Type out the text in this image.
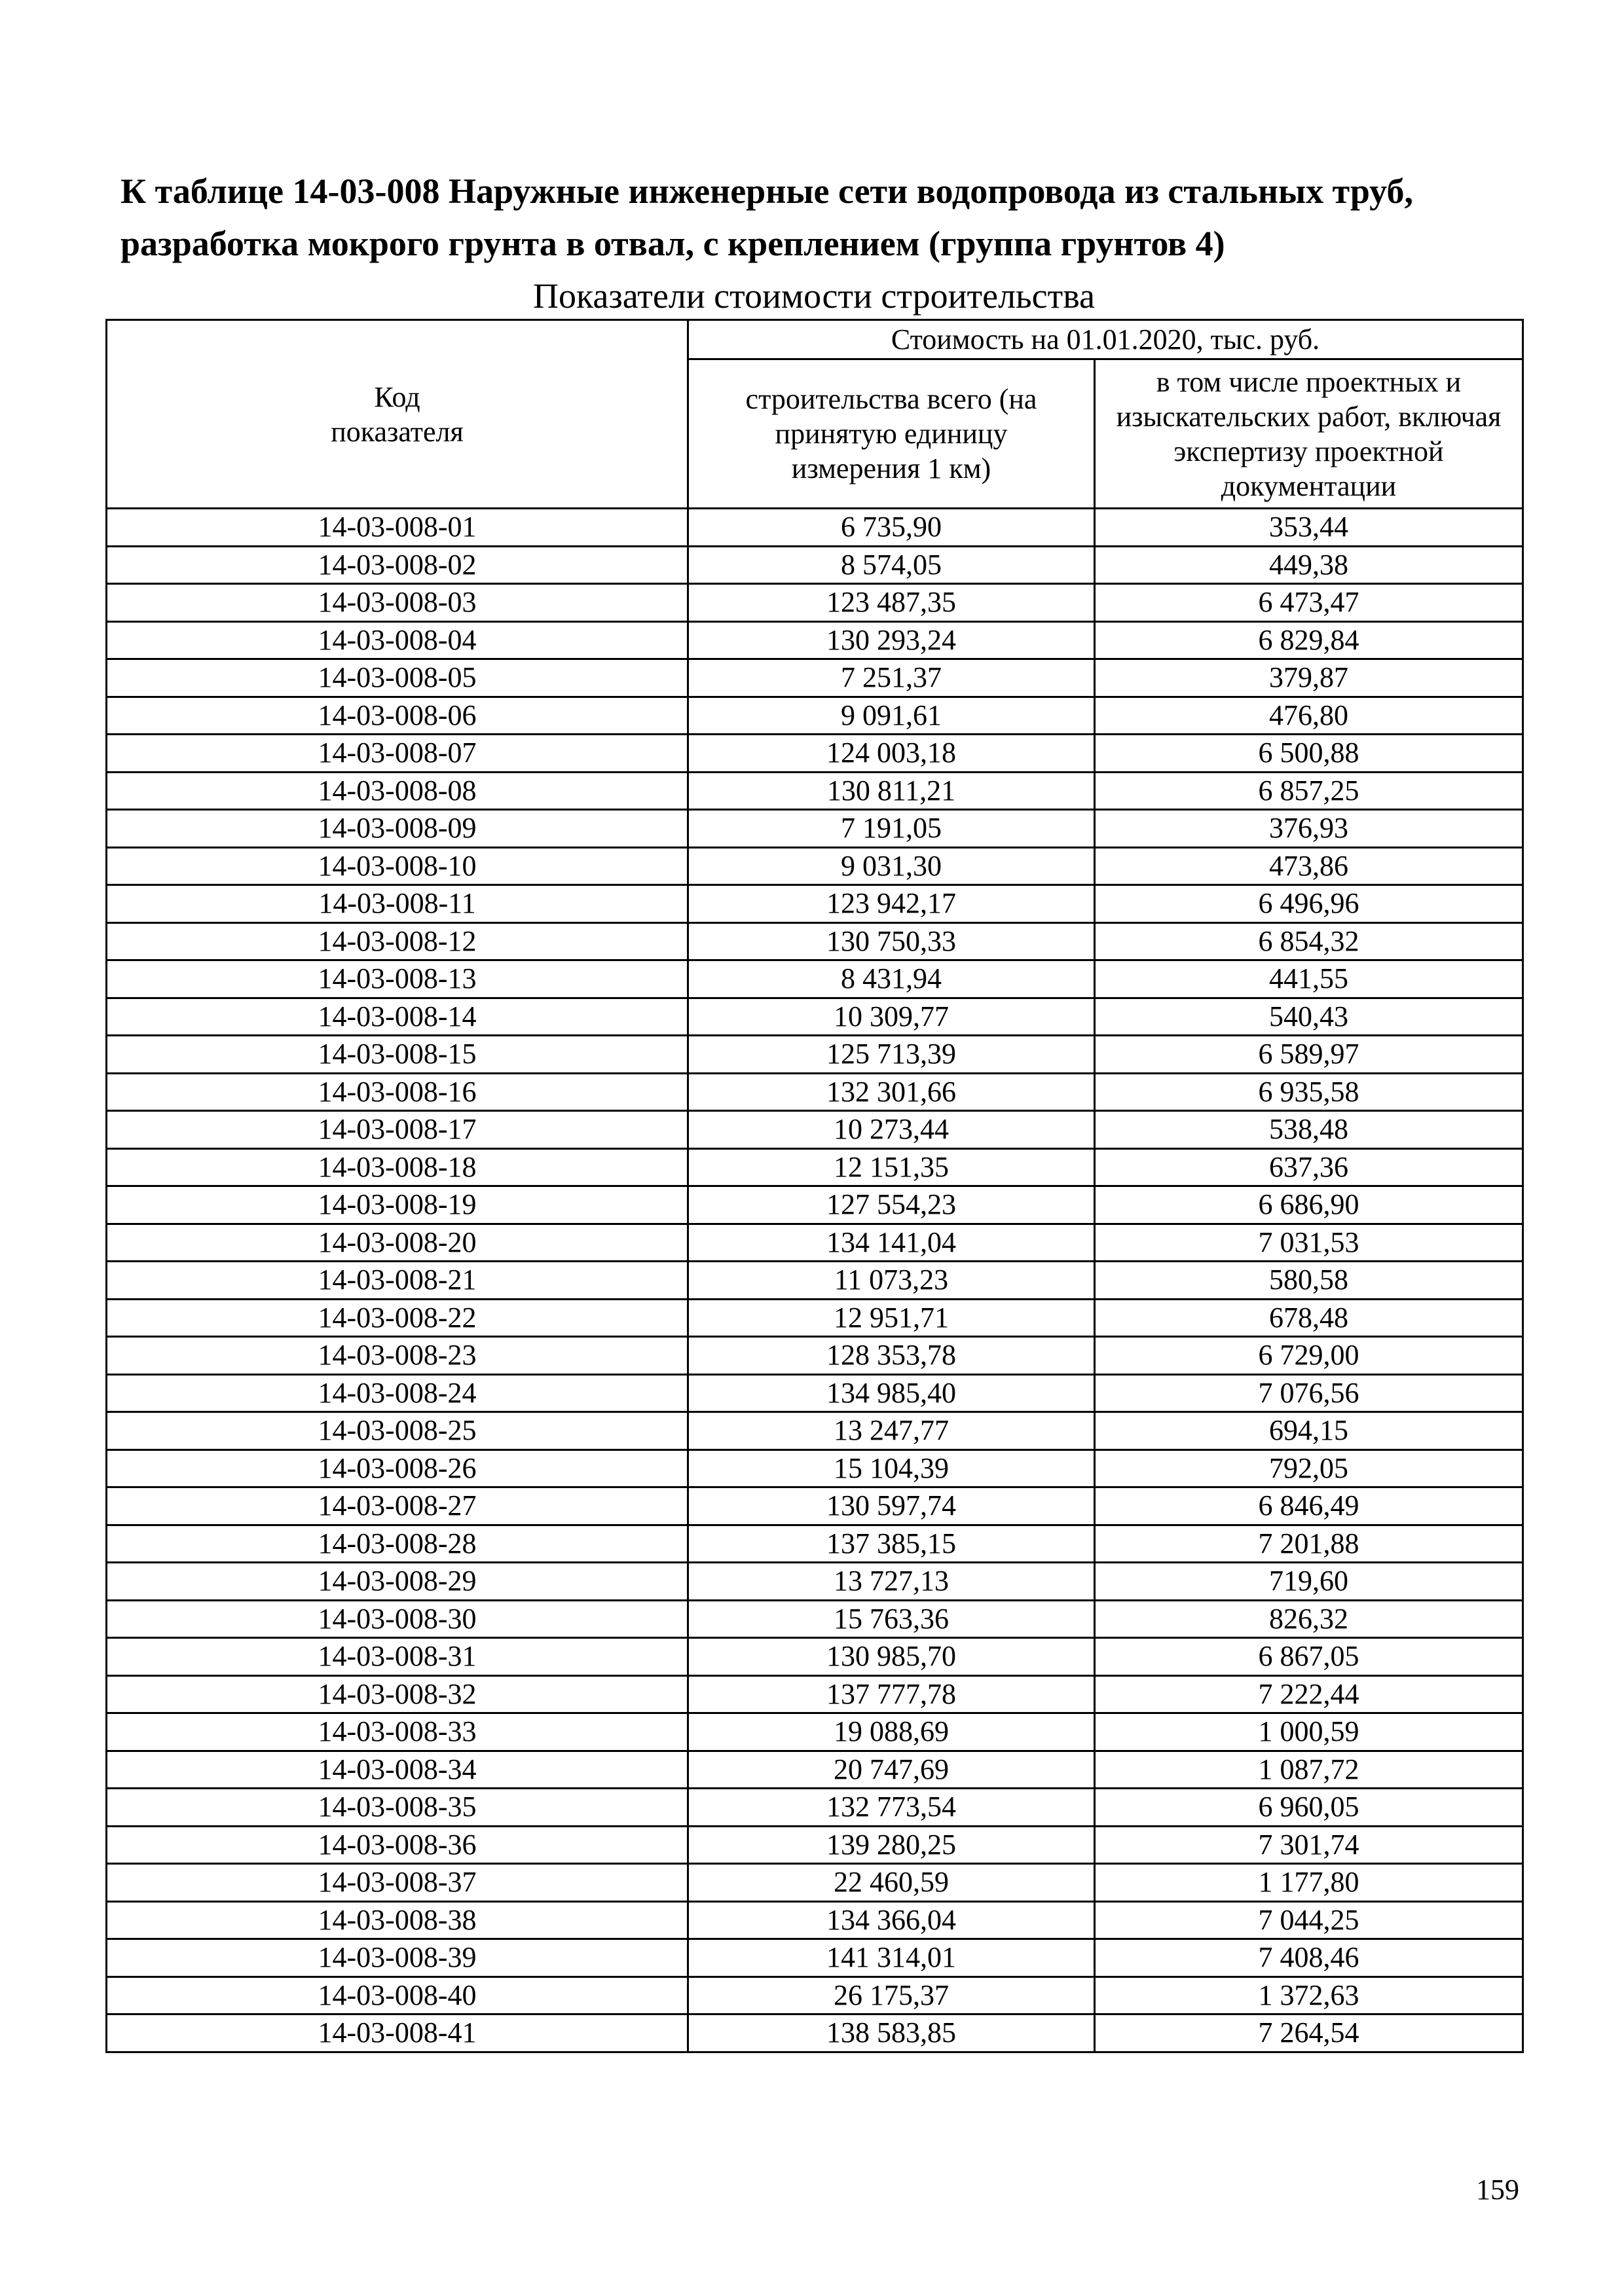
К таблице 14-03-008 Наружные инженерные сети водопровода из стальных труб,
разработка мокрого грунта в отвал, с креплением (группа грунтов 4)
Показатели стоимости строительства
Код показателя	Стоимость на 01.01.2020, тыс. руб.	

	строительства всего (на принятую единицу измерения 1 км)	в том числе проектных и изыскательских работ, включая экспертизу проектной документации

14-03-008-01	6 735,90	353,44
14-03-008-02	8 574,05	449,38
14-03-008-03	123 487,35	6 473,47
14-03-008-04	130 293,24	6 829,84
14-03-008-05	7 251,37	379,87
14-03-008-06	9 091,61	476,80
14-03-008-07	124 003,18	6 500,88
14-03-008-08	130 811,21	6 857,25
14-03-008-09	7 191,05	376,93
14-03-008-10	9 031,30	473,86
14-03-008-11	123 942,17	6 496,96
14-03-008-12	130 750,33	6 854,32
14-03-008-13	8 431,94	441,55
14-03-008-14	10 309,77	540,43
14-03-008-15	125 713,39	6 589,97
14-03-008-16	132 301,66	6 935,58
14-03-008-17	10 273,44	538,48
14-03-008-18	12 151,35	637,36
14-03-008-19	127 554,23	6 686,90
14-03-008-20	134 141,04	7 031,53
14-03-008-21	11 073,23	580,58
14-03-008-22	12 951,71	678,48
14-03-008-23	128 353,78	6 729,00
14-03-008-24	134 985,40	7 076,56
14-03-008-25	13 247,77	694,15
14-03-008-26	15 104,39	792,05
14-03-008-27	130 597,74	6 846,49
14-03-008-28	137 385,15	7 201,88
14-03-008-29	13 727,13	719,60
14-03-008-30	15 763,36	826,32
14-03-008-31	130 985,70	6 867,05
14-03-008-32	137 777,78	7 222,44
14-03-008-33	19 088,69	1 000,59
14-03-008-34	20 747,69	1 087,72
14-03-008-35	132 773,54	6 960,05
14-03-008-36	139 280,25	7 301,74
14-03-008-37	22 460,59	1 177,80
14-03-008-38	134 366,04	7 044,25
14-03-008-39	141 314,01	7 408,46
14-03-008-40	26 175,37	1 372,63
14-03-008-41	138 583,85	7 264,54
159
